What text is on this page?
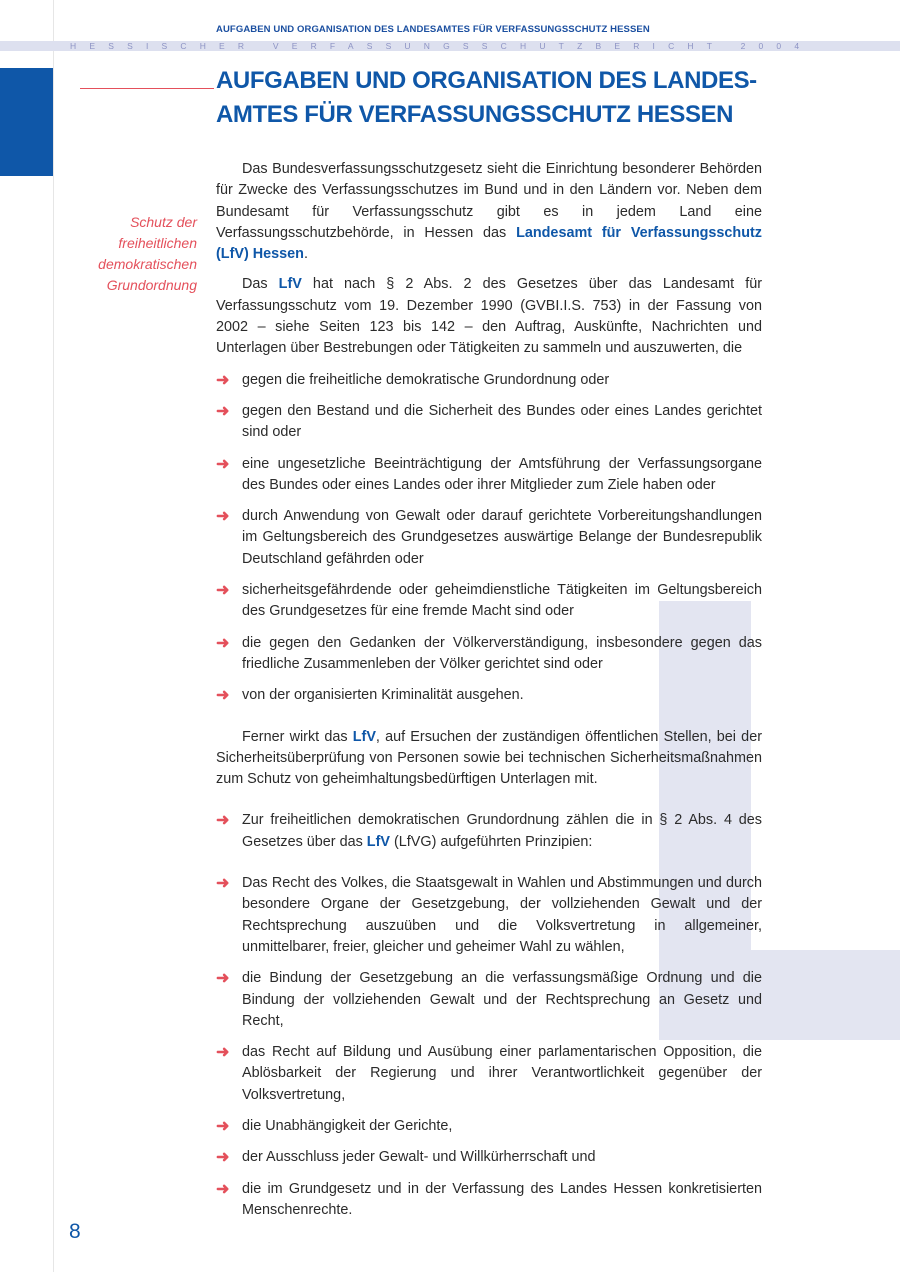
AUFGABEN UND ORGANISATION DES LANDESAMTES FÜR VERFASSUNGSSCHUTZ HESSEN
HESSISCHER VERFASSUNGSSCHUTZBERICHT 2004
AUFGABEN UND ORGANISATION DES LANDES-
AMTES FÜR VERFASSUNGSSCHUTZ HESSEN
Schutz der
freiheitlichen
demokratischen
Grundordnung

Das Bundesverfassungsschutzgesetz sieht die Einrichtung besonderer Behörden für Zwecke des Verfassungsschutzes im Bund und in den Ländern vor. Neben dem Bundesamt für Verfassungsschutz gibt es in jedem Land eine Verfassungsschutzbehörde, in Hessen das Landesamt für Verfassungsschutz (LfV) Hessen.

Das LfV hat nach § 2 Abs. 2 des Gesetzes über das Landesamt für Verfassungsschutz vom 19. Dezember 1990 (GVBI.I.S. 753) in der Fassung von 2002 – siehe Seiten 123 bis 142 – den Auftrag, Auskünfte, Nachrichten und Unterlagen über Bestrebungen oder Tätigkeiten zu sammeln und auszuwerten, die

➜ gegen die freiheitliche demokratische Grundordnung oder

➜ gegen den Bestand und die Sicherheit des Bundes oder eines Landes gerichtet sind oder

➜ eine ungesetzliche Beeinträchtigung der Amtsführung der Verfassungsorgane des Bundes oder eines Landes oder ihrer Mitglieder zum Ziele haben oder

➜ durch Anwendung von Gewalt oder darauf gerichtete Vorbereitungshandlungen im Geltungsbereich des Grundgesetzes auswärtige Belange der Bundesrepublik Deutschland gefährden oder

➜ sicherheitsgefährdende oder geheimdienstliche Tätigkeiten im Geltungsbereich des Grundgesetzes für eine fremde Macht sind oder

➜ die gegen den Gedanken der Völkerverständigung, insbesondere gegen das friedliche Zusammenleben der Völker gerichtet sind oder

➜ von der organisierten Kriminalität ausgehen.

Ferner wirkt das LfV, auf Ersuchen der zuständigen öffentlichen Stellen, bei der Sicherheitsüberprüfung von Personen sowie bei technischen Sicherheitsmaßnahmen zum Schutz von geheimhaltungsbedürftigen Unterlagen mit.

➜ Zur freiheitlichen demokratischen Grundordnung zählen die in § 2 Abs. 4 des Gesetzes über das LfV (LfVG) aufgeführten Prinzipien:

➜ Das Recht des Volkes, die Staatsgewalt in Wahlen und Abstimmungen und durch besondere Organe der Gesetzgebung, der vollziehenden Gewalt und der Rechtsprechung auszuüben und die Volksvertretung in allgemeiner, unmittelbarer, freier, gleicher und geheimer Wahl zu wählen,

➜ die Bindung der Gesetzgebung an die verfassungsmäßige Ordnung und die Bindung der vollziehenden Gewalt und der Rechtsprechung an Gesetz und Recht,

➜ das Recht auf Bildung und Ausübung einer parlamentarischen Opposition, die Ablösbarkeit der Regierung und ihrer Verantwortlichkeit gegenüber der Volksvertretung,

➜ die Unabhängigkeit der Gerichte,

➜ der Ausschluss jeder Gewalt- und Willkürherrschaft und

➜ die im Grundgesetz und in der Verfassung des Landes Hessen konkretisierten Menschenrechte.

8
